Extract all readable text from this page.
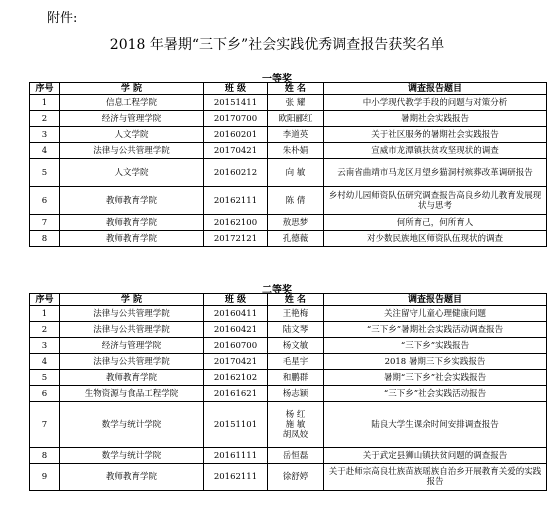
附件:
2018 年暑期“三下乡”社会实践优秀调查报告获奖名单
一等奖
序号	学 院	班 级	姓 名	调查报告题目
1	信息工程学院	20151411	张 耀	中小学现代教学手段的问题与对策分析
2	经济与管理学院	20170700	欧阳郦红	暑期社会实践报告
3	人文学院	20160201	李道英	关于社区服务的暑期社会实践报告
4	法律与公共管理学院	20170421	朱朴娟	宣威市龙潭镇扶贫攻坚现状的调查
5	人文学院	20160212	向 敏	云南省曲靖市马龙区月望乡猫洞村殡葬改革调研报告
6	教师教育学院	20162111	陈 倩	乡村幼儿园师资队伍研究调查报告高良乡幼儿教育发展现状与思考
7	教师教育学院	20162100	敖思梦	何所育己，何所育人
8	教师教育学院	20172121	孔德薇	对少数民族地区师资队伍现状的调查
二等奖
序号	学 院	班 级	姓 名	调查报告题目
1	法律与公共管理学院	20160411	王艳梅	关注留守儿童心理健康问题
2	法律与公共管理学院	20160421	陆文琴	“三下乡”暑期社会实践活动调查报告
3	经济与管理学院	20160700	杨文敏	“三下乡”实践报告
4	法律与公共管理学院	20170421	毛星宇	2018 暑期三下乡实践报告
5	教师教育学院	20162102	和鹏群	暑期“三下乡”社会实践报告
6	生物资源与食品工程学院	20161621	杨志颖	“三下乡”社会实践活动报告
7	数学与统计学院	20151101	杨 红
施 敏
胡凤姣	陆良大学生课余时间安排调查报告
8	数学与统计学院	20161111	岳恒磊	关于武定县狮山镇扶贫问题的调查报告
9	教师教育学院	20162111	徐舒婷	关于赴师宗高良壮族苗族瑶族自治乡开展教育关爱的实践报告
